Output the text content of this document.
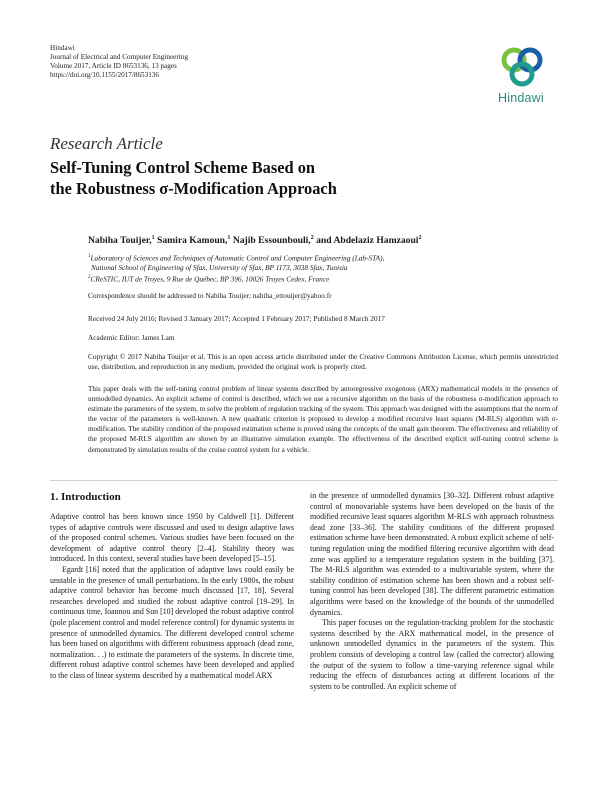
Hindawi
Journal of Electrical and Computer Engineering
Volume 2017, Article ID 8653136, 13 pages
https://doi.org/10.1155/2017/8653136
Hindawi
Research Article
Self-Tuning Control Scheme Based on
the Robustness σ-Modification Approach
Nabiha Touijer,$^1$ Samira Kamoun,$^1$ Najib Essounbouli,$^2$ and Abdelaziz Hamzaoui$^2$
$^1$Laboratory of Sciences and Techniques of Automatic Control and Computer Engineering (Lab-STA),
National School of Engineering of Sfax, University of Sfax, BP 1173, 3038 Sfax, Tunisia
$^2$CReSTIC, IUT de Troyes, 9 Rue de Québec, BP 396, 10026 Troyes Cedex, France
Correspondence should be addressed to Nabiha Touijer; nabiha_ettouijer@yahoo.fr
Received 24 July 2016; Revised 3 January 2017; Accepted 1 February 2017; Published 8 March 2017
Academic Editor: James Lam
Copyright © 2017 Nabiha Touijer et al. This is an open access article distributed under the Creative Commons Attribution License, which permits unrestricted use, distribution, and reproduction in any medium, provided the original work is properly cited.
This paper deals with the self-tuning control problem of linear systems described by autoregressive exogenous (ARX) mathematical models in the presence of unmodelled dynamics. An explicit scheme of control is described, which we use a recursive algorithm on the basis of the robustness σ-modification approach to estimate the parameters of the system, to solve the problem of regulation tracking of the system. This approach was designed with the assumptions that the norm of the vector of the parameters is well-known. A new quadratic criterion is proposed to develop a modified recursive least squares (M-RLS) algorithm with σ-modification. The stability condition of the proposed estimation scheme is proved using the concepts of the small gain theorem. The effectiveness and reliability of the proposed M-RLS algorithm are shown by an illustrative simulation example. The effectiveness of the described explicit self-tuning control scheme is demonstrated by simulation results of the cruise control system for a vehicle.
1. Introduction

Adaptive control has been known since 1950 by Caldwell [1]. Different types of adaptive controls were discussed and used to design adaptive laws of the proposed control schemes. Various studies have been focused on the development of adaptive control theory [2–4]. Stability theory was introduced. In this context, several studies have been developed [5–15].

Egardt [16] noted that the application of adaptive laws could easily be unstable in the presence of small perturbations. In the early 1980s, the robust adaptive control behavior has become much discussed [17, 18]. Several researches developed and studied the robust adaptive control [19–29]. In continuous time, Ioannou and Sun [10] developed the robust adaptive control (pole placement control and model reference control) for dynamic systems in presence of unmodelled dynamics. The different developed control scheme has been based on algorithms with different robustness approach (dead zone, normalization. . .) to estimate the parameters of the systems. In discrete time, different robust adaptive control schemes have been developed and applied to the class of linear systems described by a mathematical model ARX

in the presence of unmodelled dynamics [30–32]. Different robust adaptive control of monovariable systems have been developed on the basis of the modified recursive least squares algorithm M-RLS with approach robustness dead zone [33–36]. The stability conditions of the different proposed estimation scheme have been demonstrated. A robust explicit scheme of self-tuning regulation using the modified filtering recursive algorithm with dead zone was applied to a temperature regulation system in the building [37]. The M-RLS algorithm was extended to a multivariable system, where the stability condition of estimation scheme has been shown and a robust self-tuning control has been developed [38]. The different parametric estimation algorithms were based on the knowledge of the bounds of the unmodelled dynamics.

This paper focuses on the regulation-tracking problem for the stochastic systems described by the ARX mathematical model, in the presence of unknown unmodelled dynamics in the parameters of the system. This problem consists of developing a control law (called the corrector) allowing the output of the system to follow a time-varying reference signal while reducing the effects of disturbances acting at different locations of the system to be controlled. An explicit scheme of
